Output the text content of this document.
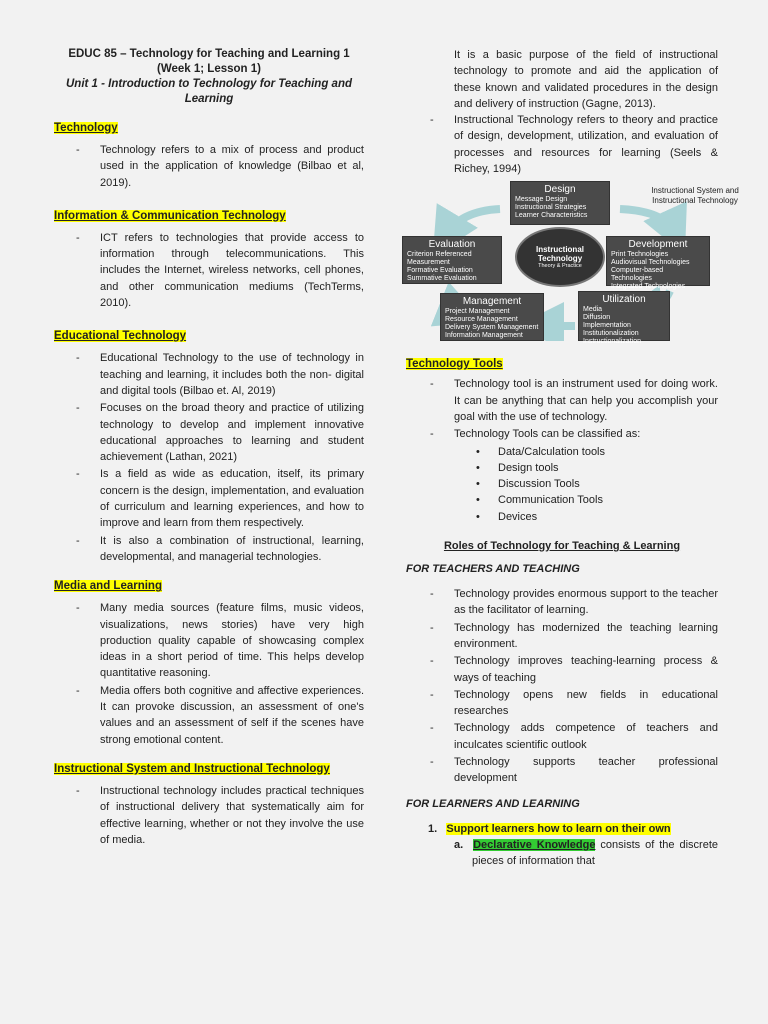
EDUC 85 – Technology for Teaching and Learning 1
(Week 1; Lesson 1)
Unit 1 - Introduction to Technology for Teaching and
Learning
Technology
- Technology refers to a mix of process and product used in the application of knowledge (Bilbao et al, 2019).
Information & Communication Technology
- ICT refers to technologies that provide access to information through telecommunications. This includes the Internet, wireless networks, cell phones, and other communication mediums (TechTerms, 2010).
Educational Technology
- Educational Technology to the use of technology in teaching and learning, it includes both the non- digital and digital tools (Bilbao et. Al, 2019)
- Focuses on the broad theory and practice of utilizing technology to develop and implement innovative educational approaches to learning and student achievement (Lathan, 2021)
- Is a field as wide as education, itself, its primary concern is the design, implementation, and evaluation of curriculum and learning experiences, and how to improve and learn from them respectively.
- It is also a combination of instructional, learning, developmental, and managerial technologies.
Media and Learning
- Many media sources (feature films, music videos, visualizations, news stories) have very high production quality capable of showcasing complex ideas in a short period of time. This helps develop quantitative reasoning.
- Media offers both cognitive and affective experiences. It can provoke discussion, an assessment of one's values and an assessment of self if the scenes have strong emotional content.
Instructional System and Instructional Technology
- Instructional technology includes practical techniques of instructional delivery that systematically aim for effective learning, whether or not they involve the use of media.

It is a basic purpose of the field of instructional technology to promote and aid the application of these known and validated procedures in the design and delivery of instruction (Gagne, 2013).

- Instructional Technology refers to theory and practice of design, development, utilization, and evaluation of processes and resources for learning (Seels & Richey, 1994)
Design
Message Design
Instructional Strategies
Learner Characteristics
Evaluation
Criterion Referenced
Measurement
Formative Evaluation
Summative Evaluation
Development
Print Technologies
Audiovisual Technologies
Computer-based Technologies
Integrated Technologies
Management
Project Management
Resource Management
Delivery System Management
Information Management
Utilization
Media
Diffusion
Implementation
Institutionalization
Instructionalization
Instructional Technology
Theory & Practice
Instructional System and Instructional Technology
Technology Tools
- Technology tool is an instrument used for doing work. It can be anything that can help you accomplish your goal with the use of technology.
- Technology Tools can be classified as:
• Data/Calculation tools
• Design tools
• Discussion Tools
• Communication Tools
• Devices
Roles of Technology for Teaching & Learning
FOR TEACHERS AND TEACHING
- Technology provides enormous support to the teacher as the facilitator of learning.
- Technology has modernized the teaching learning environment.
- Technology improves teaching-learning process & ways of teaching
- Technology opens new fields in educational researches
- Technology adds competence of teachers and inculcates scientific outlook
- Technology supports teacher professional development
FOR LEARNERS AND LEARNING
1. Support learners how to learn on their own
a. Declarative Knowledge consists of the discrete pieces of information that
